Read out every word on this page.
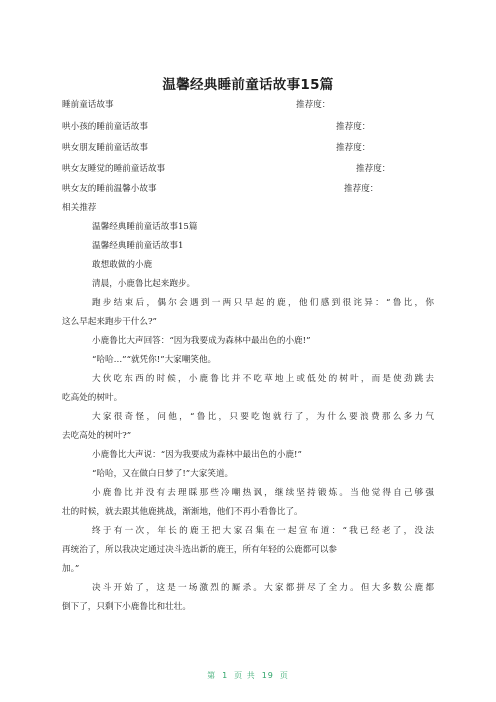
温馨经典睡前童话故事15篇
睡前童话故事	推荐度：
哄小孩的睡前童话故事	推荐度：
哄女朋友睡前童话故事	推荐度：
哄女友睡觉的睡前童话故事	推荐度：
哄女友的睡前温馨小故事	推荐度：
相关推荐
温馨经典睡前童话故事15篇
温馨经典睡前童话故事1
敢想敢做的小鹿
清晨，小鹿鲁比起来跑步。
跑步结束后，偶尔会遇到一两只早起的鹿，他们感到很诧异：“鲁比，你
这么早起来跑步干什么?”
小鹿鲁比大声回答：“因为我要成为森林中最出色的小鹿!”
“哈哈…”“就凭你!”大家嘲笑他。
大伙吃东西的时候，小鹿鲁比并不吃草地上或低处的树叶，而是使劲跳去
吃高处的树叶。
大家很奇怪，问他，“鲁比，只要吃饱就行了，为什么要浪费那么多力气
去吃高处的树叶?”
小鹿鲁比大声说：“因为我要成为森林中最出色的小鹿!”
“哈哈，又在做白日梦了!”大家笑道。
小鹿鲁比并没有去理睬那些冷嘲热讽，继续坚持锻炼。当他觉得自己够强
壮的时候，就去跟其他鹿挑战，渐渐地，他们不再小看鲁比了。
终于有一次，年长的鹿王把大家召集在一起宣布道：“我已经老了，没法
再统治了，所以我决定通过决斗选出新的鹿王，所有年轻的公鹿都可以参
加。”
决斗开始了，这是一场激烈的厮杀。大家都拼尽了全力。但大多数公鹿都
倒下了，只剩下小鹿鲁比和壮壮。
第 1 页 共 19 页
